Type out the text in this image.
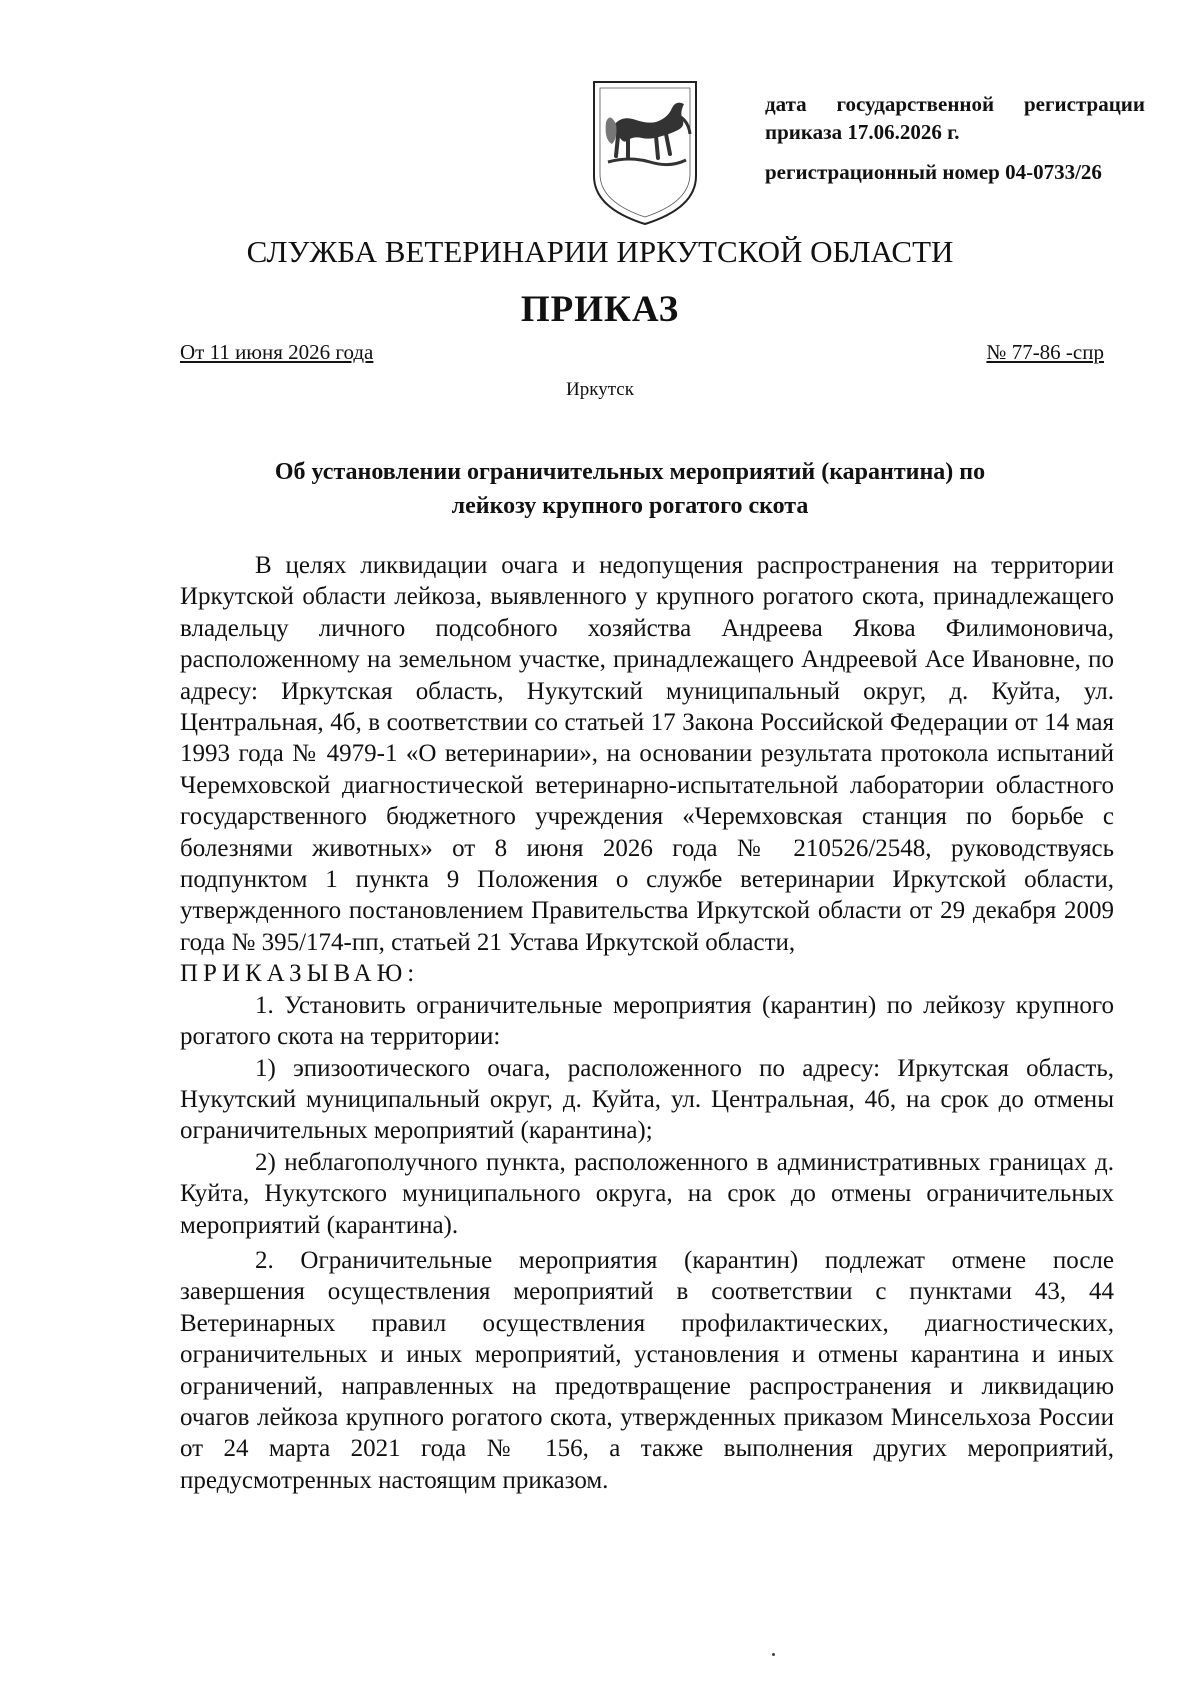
дата государственной регистрации
приказа 17.06.2026 г.
регистрационный номер 04-0733/26
СЛУЖБА ВЕТЕРИНАРИИ ИРКУТСКОЙ ОБЛАСТИ
ПРИКАЗ
От 11 июня 2026 года	№ 77-86 -спр
Иркутск
Об установлении ограничительных мероприятий (карантина) по
лейкозу крупного рогатого скота

В целях ликвидации очага и недопущения распространения на территории Иркутской области лейкоза, выявленного у крупного рогатого скота, принадлежащего владельцу личного подсобного хозяйства Андреева Якова Филимоновича, расположенному на земельном участке, принадлежащего Андреевой Асе Ивановне, по адресу: Иркутская область, Нукутский муниципальный округ, д. Куйта, ул. Центральная, 4б, в соответствии со статьей 17 Закона Российской Федерации от 14 мая 1993 года № 4979-1 «О ветеринарии», на основании результата протокола испытаний Черемховской диагностической ветеринарно-испытательной лаборатории областного государственного бюджетного учреждения «Черемховская станция по борьбе с болезнями животных» от 8 июня 2026 года № 210526/2548, руководствуясь подпунктом 1 пункта 9 Положения о службе ветеринарии Иркутской области, утвержденного постановлением Правительства Иркутской области от 29 декабря 2009 года № 395/174-пп, статьей 21 Устава Иркутской области,

ПРИКАЗЫВАЮ:

1. Установить ограничительные мероприятия (карантин) по лейкозу крупного рогатого скота на территории:

1) эпизоотического очага, расположенного по адресу: Иркутская область, Нукутский муниципальный округ, д. Куйта, ул. Центральная, 4б, на срок до отмены ограничительных мероприятий (карантина);

2) неблагополучного пункта, расположенного в административных границах д. Куйта, Нукутского муниципального округа, на срок до отмены ограничительных мероприятий (карантина).

2. Ограничительные мероприятия (карантин) подлежат отмене после завершения осуществления мероприятий в соответствии с пунктами 43, 44 Ветеринарных правил осуществления профилактических, диагностических, ограничительных и иных мероприятий, установления и отмены карантина и иных ограничений, направленных на предотвращение распространения и ликвидацию очагов лейкоза крупного рогатого скота, утвержденных приказом Минсельхоза России от 24 марта 2021 года № 156, а также выполнения других мероприятий, предусмотренных настоящим приказом.
